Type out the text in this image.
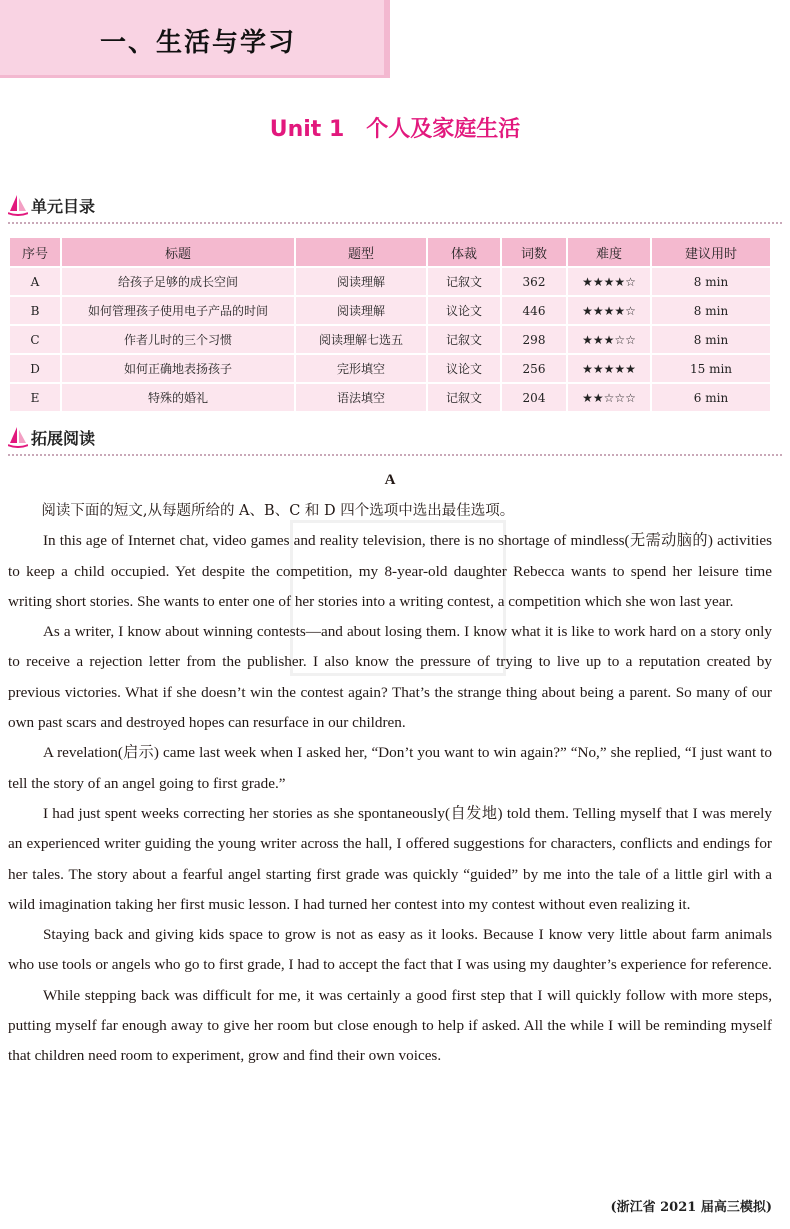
一、生活与学习
Unit 1　个人及家庭生活
单元目录
序号	标题	题型	体裁	词数	难度	建议用时
A	给孩子足够的成长空间	阅读理解	记叙文	362	★★★★☆	8 min
B	如何管理孩子使用电子产品的时间	阅读理解	议论文	446	★★★★☆	8 min
C	作者儿时的三个习惯	阅读理解七选五	记叙文	298	★★★☆☆	8 min
D	如何正确地表扬孩子	完形填空	议论文	256	★★★★★	15 min
E	特殊的婚礼	语法填空	记叙文	204	★★☆☆☆	6 min
拓展阅读
A

阅读下面的短文,从每题所给的 A、B、C 和 D 四个选项中选出最佳选项。

In this age of Internet chat, video games and reality television, there is no shortage of mindless(无需动脑的) activities to keep a child occupied. Yet despite the competition, my 8-year-old daughter Rebecca wants to spend her leisure time writing short stories. She wants to enter one of her stories into a writing contest, a competition which she won last year.

As a writer, I know about winning contests—and about losing them. I know what it is like to work hard on a story only to receive a rejection letter from the publisher. I also know the pressure of trying to live up to a reputation created by previous victories. What if she doesn’t win the contest again? That’s the strange thing about being a parent. So many of our own past scars and destroyed hopes can resurface in our children.

A revelation(启示) came last week when I asked her, “Don’t you want to win again?” “No,” she replied, “I just want to tell the story of an angel going to first grade.”

I had just spent weeks correcting her stories as she spontaneously(自发地) told them. Telling myself that I was merely an experienced writer guiding the young writer across the hall, I offered suggestions for characters, conflicts and endings for her tales. The story about a fearful angel starting first grade was quickly “guided” by me into the tale of a little girl with a wild imagination taking her first music lesson. I had turned her contest into my contest without even realizing it.

Staying back and giving kids space to grow is not as easy as it looks. Because I know very little about farm animals who use tools or angels who go to first grade, I had to accept the fact that I was using my daughter’s experience for reference.

While stepping back was difficult for me, it was certainly a good first step that I will quickly follow with more steps, putting myself far enough away to give her room but close enough to help if asked. All the while I will be reminding myself that children need room to experiment, grow and find their own voices.

(浙江省 2021 届高三模拟)
